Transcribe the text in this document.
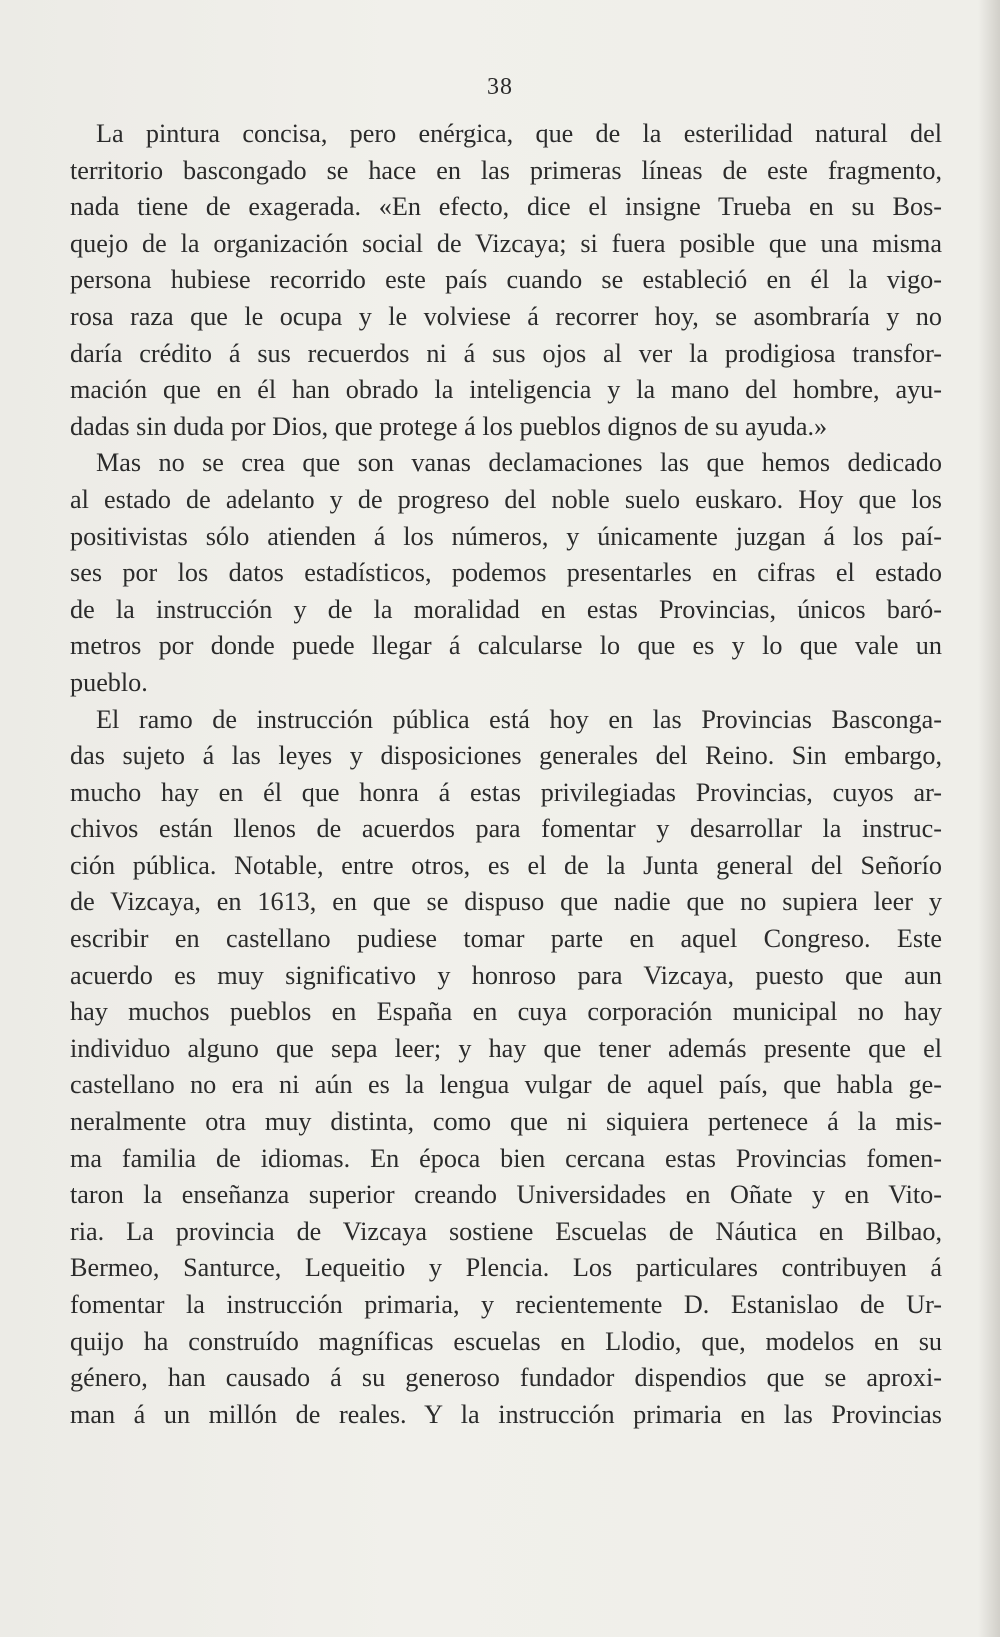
38
La pintura concisa, pero enérgica, que de la esterilidad natural del
territorio bascongado se hace en las primeras líneas de este fragmento,
nada tiene de exagerada. «En efecto, dice el insigne Trueba en su Bos-
quejo de la organización social de Vizcaya; si fuera posible que una misma
persona hubiese recorrido este país cuando se estableció en él la vigo-
rosa raza que le ocupa y le volviese á recorrer hoy, se asombraría y no
daría crédito á sus recuerdos ni á sus ojos al ver la prodigiosa transfor-
mación que en él han obrado la inteligencia y la mano del hombre, ayu-
dadas sin duda por Dios, que protege á los pueblos dignos de su ayuda.»
Mas no se crea que son vanas declamaciones las que hemos dedicado
al estado de adelanto y de progreso del noble suelo euskaro. Hoy que los
positivistas sólo atienden á los números, y únicamente juzgan á los paí-
ses por los datos estadísticos, podemos presentarles en cifras el estado
de la instrucción y de la moralidad en estas Provincias, únicos baró-
metros por donde puede llegar á calcularse lo que es y lo que vale un
pueblo.
El ramo de instrucción pública está hoy en las Provincias Basconga-
das sujeto á las leyes y disposiciones generales del Reino. Sin embargo,
mucho hay en él que honra á estas privilegiadas Provincias, cuyos ar-
chivos están llenos de acuerdos para fomentar y desarrollar la instruc-
ción pública. Notable, entre otros, es el de la Junta general del Señorío
de Vizcaya, en 1613, en que se dispuso que nadie que no supiera leer y
escribir en castellano pudiese tomar parte en aquel Congreso. Este
acuerdo es muy significativo y honroso para Vizcaya, puesto que aun
hay muchos pueblos en España en cuya corporación municipal no hay
individuo alguno que sepa leer; y hay que tener además presente que el
castellano no era ni aún es la lengua vulgar de aquel país, que habla ge-
neralmente otra muy distinta, como que ni siquiera pertenece á la mis-
ma familia de idiomas. En época bien cercana estas Provincias fomen-
taron la enseñanza superior creando Universidades en Oñate y en Vito-
ria. La provincia de Vizcaya sostiene Escuelas de Náutica en Bilbao,
Bermeo, Santurce, Lequeitio y Plencia. Los particulares contribuyen á
fomentar la instrucción primaria, y recientemente D. Estanislao de Ur-
quijo ha construído magníficas escuelas en Llodio, que, modelos en su
género, han causado á su generoso fundador dispendios que se aproxi-
man á un millón de reales. Y la instrucción primaria en las Provincias
